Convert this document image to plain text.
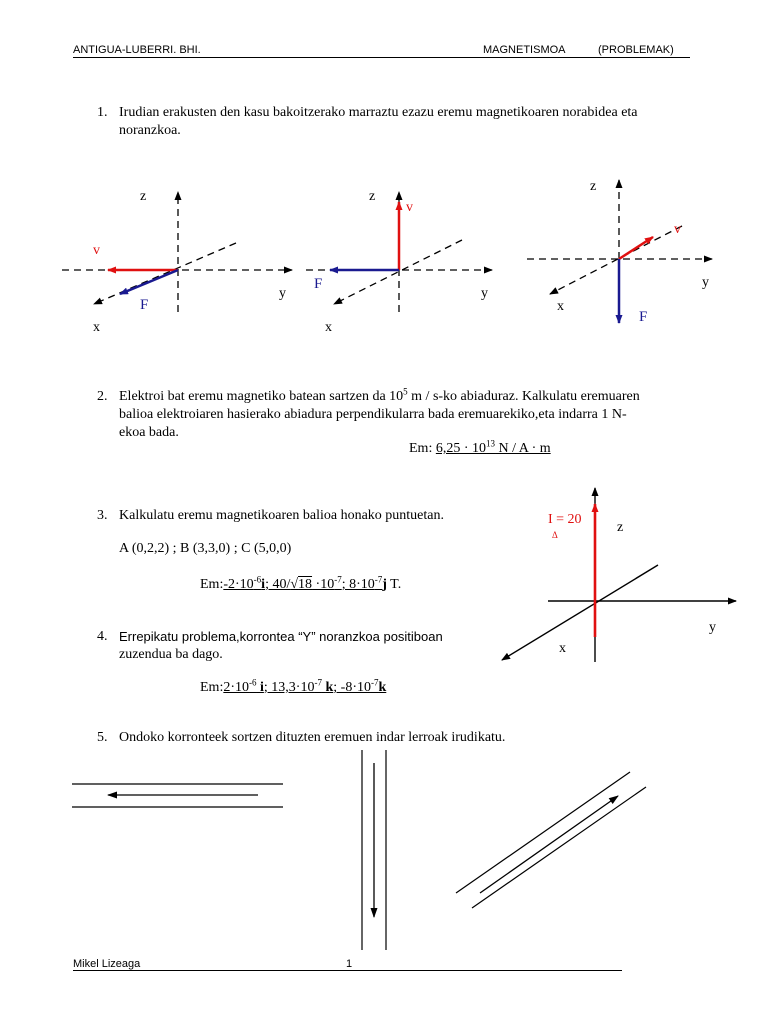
ANTIGUA-LUBERRI. BHI.	MAGNETISMOA	(PROBLEMAK)
1. Irudian erakusten den kasu bakoitzerako marraztu ezazu eremu magnetikoaren norabidea eta
noranzkoa.
z
y
x
v
F
z
y
x
v
F
z
y
x
v
F
2. Elektroi bat eremu magnetiko batean sartzen da $10^5$ m / s-ko abiaduraz. Kalkulatu eremuaren
balioa elektroiaren hasierako abiadura perpendikularra bada eremuarekiko,eta indarra 1 N-
ekoa bada.
Em: $6,25 \cdot 10^{13}$ N / A · m
3. Kalkulatu eremu magnetikoaren balioa honako puntuetan.
A (0,2,2) ; B (3,3,0) ; C (5,0,0)
$Em:-2\cdot 10^{-6}i$; $40/√18 \cdot 10^{-7}$; $8\cdot 10^{-7}j$ T.
4. Errepikatu problema,korrontea “Y” noranzkoa positiboan
zuzendua ba dago.
$Em:2\cdot 10^{-6}$ i; $13,3\cdot 10^{-7}$ k; $-8\cdot 10^{-7}k$
I = 20
Δ	z
y
x
5. Ondoko korronteek sortzen dituzten eremuen indar lerroak irudikatu.
Mikel Lizeaga	1
